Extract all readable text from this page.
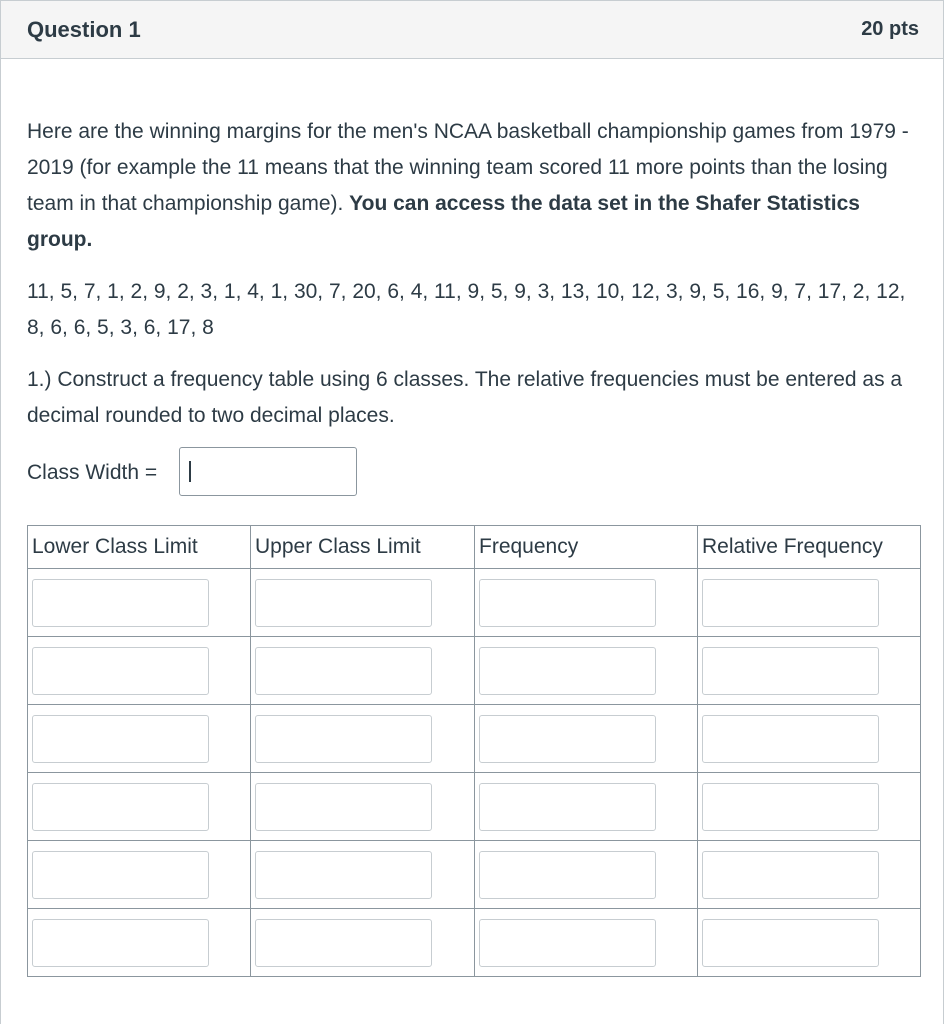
Question 1	20 pts
Here are the winning margins for the men's NCAA basketball championship games from 1979 - 2019 (for example the 11 means that the winning team scored 11 more points than the losing team in that championship game). You can access the data set in the Shafer Statistics group.
11, 5, 7, 1, 2, 9, 2, 3, 1, 4, 1, 30, 7, 20, 6, 4, 11, 9, 5, 9, 3, 13, 10, 12, 3, 9, 5, 16, 9, 7, 17, 2, 12, 8, 6, 6, 5, 3, 6, 17, 8
1.) Construct a frequency table using 6 classes. The relative frequencies must be entered as a decimal rounded to two decimal places.
Class Width =
Lower Class Limit	Upper Class Limit	Frequency	Relative Frequency
